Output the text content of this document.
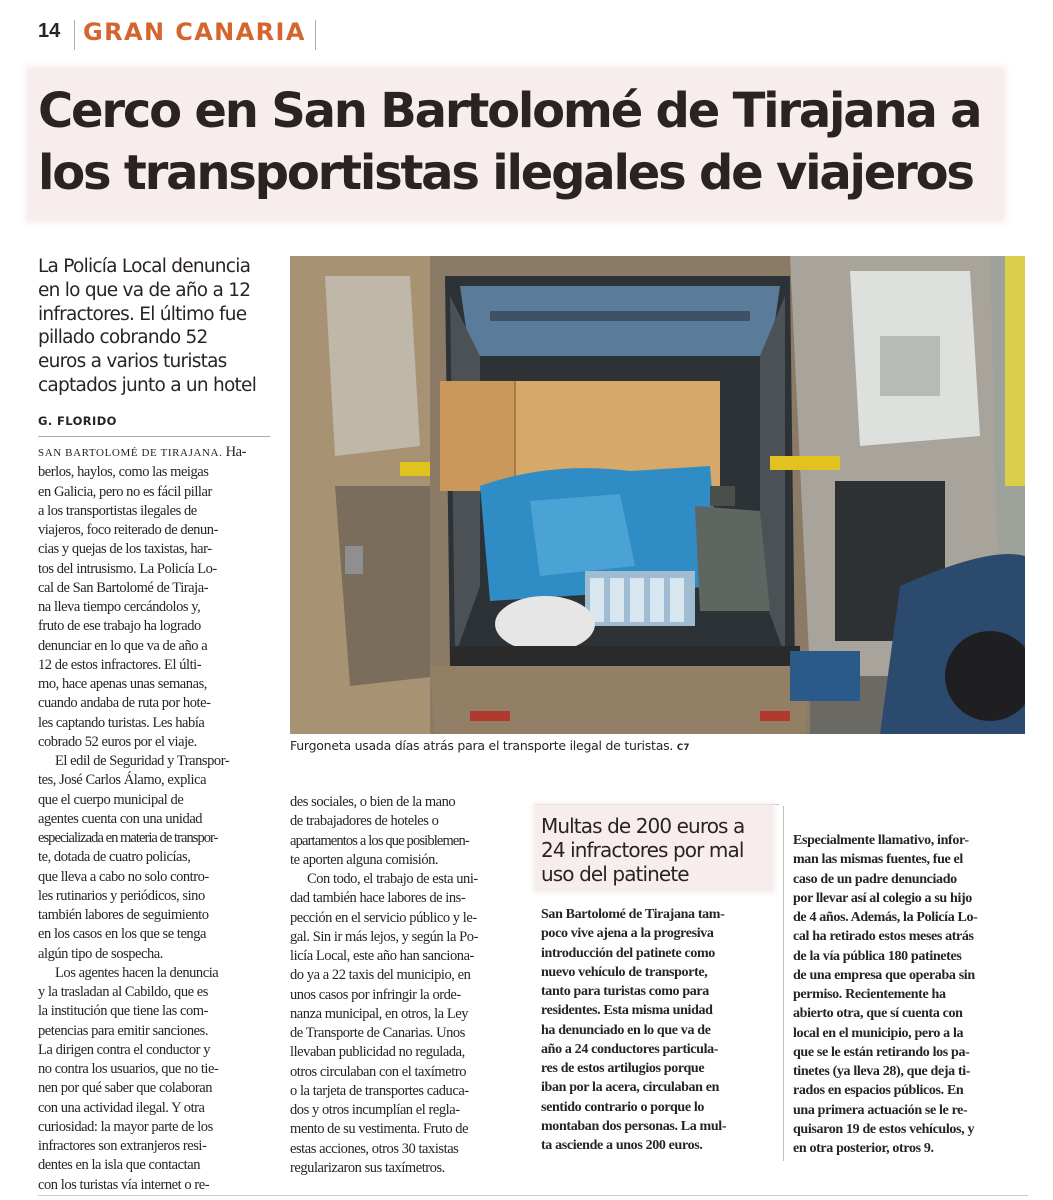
14 GRAN CANARIA
Cerco en San Bartolomé de Tirajana a
los transportistas ilegales de viajeros
La Policía Local denuncia
en lo que va de año a 12
infractores. El último fue
pillado cobrando 52
euros a varios turistas
captados junto a un hotel
G. FLORIDO
SAN BARTOLOMÉ DE TIRAJANA. Ha-
berlos, haylos, como las meigas
en Galicia, pero no es fácil pillar
a los transportistas ilegales de
viajeros, foco reiterado de denun-
cias y quejas de los taxistas, har-
tos del intrusismo. La Policía Lo-
cal de San Bartolomé de Tiraja-
na lleva tiempo cercándolos y,
fruto de ese trabajo ha logrado
denunciar en lo que va de año a
12 de estos infractores. El últi-
mo, hace apenas unas semanas,
cuando andaba de ruta por hote-
les captando turistas. Les había
cobrado 52 euros por el viaje.
El edil de Seguridad y Transpor-
tes, José Carlos Álamo, explica
que el cuerpo municipal de
agentes cuenta con una unidad
especializada en materia de transpor-
te, dotada de cuatro policías,
que lleva a cabo no solo contro-
les rutinarios y periódicos, sino
también labores de seguimiento
en los casos en los que se tenga
algún tipo de sospecha.
Los agentes hacen la denuncia
y la trasladan al Cabildo, que es
la institución que tiene las com-
petencias para emitir sanciones.
La dirigen contra el conductor y
no contra los usuarios, que no tie-
nen por qué saber que colaboran
con una actividad ilegal. Y otra
curiosidad: la mayor parte de los
infractores son extranjeros resi-
dentes en la isla que contactan
con los turistas vía internet o re-
Furgoneta usada días atrás para el transporte ilegal de turistas. C7
des sociales, o bien de la mano
de trabajadores de hoteles o
apartamentos a los que posiblemen-
te aporten alguna comisión.
Con todo, el trabajo de esta uni-
dad también hace labores de ins-
pección en el servicio público y le-
gal. Sin ir más lejos, y según la Po-
licía Local, este año han sanciona-
do ya a 22 taxis del municipio, en
unos casos por infringir la orde-
nanza municipal, en otros, la Ley
de Transporte de Canarias. Unos
llevaban publicidad no regulada,
otros circulaban con el taxímetro
o la tarjeta de transportes caduca-
dos y otros incumplían el regla-
mento de su vestimenta. Fruto de
estas acciones, otros 30 taxistas
regularizaron sus taxímetros.
Multas de 200 euros a
24 infractores por mal
uso del patinete
San Bartolomé de Tirajana tam-
poco vive ajena a la progresiva
introducción del patinete como
nuevo vehículo de transporte,
tanto para turistas como para
residentes. Esta misma unidad
ha denunciado en lo que va de
año a 24 conductores particula-
res de estos artilugios porque
iban por la acera, circulaban en
sentido contrario o porque lo
montaban dos personas. La mul-
ta asciende a unos 200 euros.
Especialmente llamativo, infor-
man las mismas fuentes, fue el
caso de un padre denunciado
por llevar así al colegio a su hijo
de 4 años. Además, la Policía Lo-
cal ha retirado estos meses atrás
de la vía pública 180 patinetes
de una empresa que operaba sin
permiso. Recientemente ha
abierto otra, que sí cuenta con
local en el municipio, pero a la
que se le están retirando los pa-
tinetes (ya lleva 28), que deja ti-
rados en espacios públicos. En
una primera actuación se le re-
quisaron 19 de estos vehículos, y
en otra posterior, otros 9.
